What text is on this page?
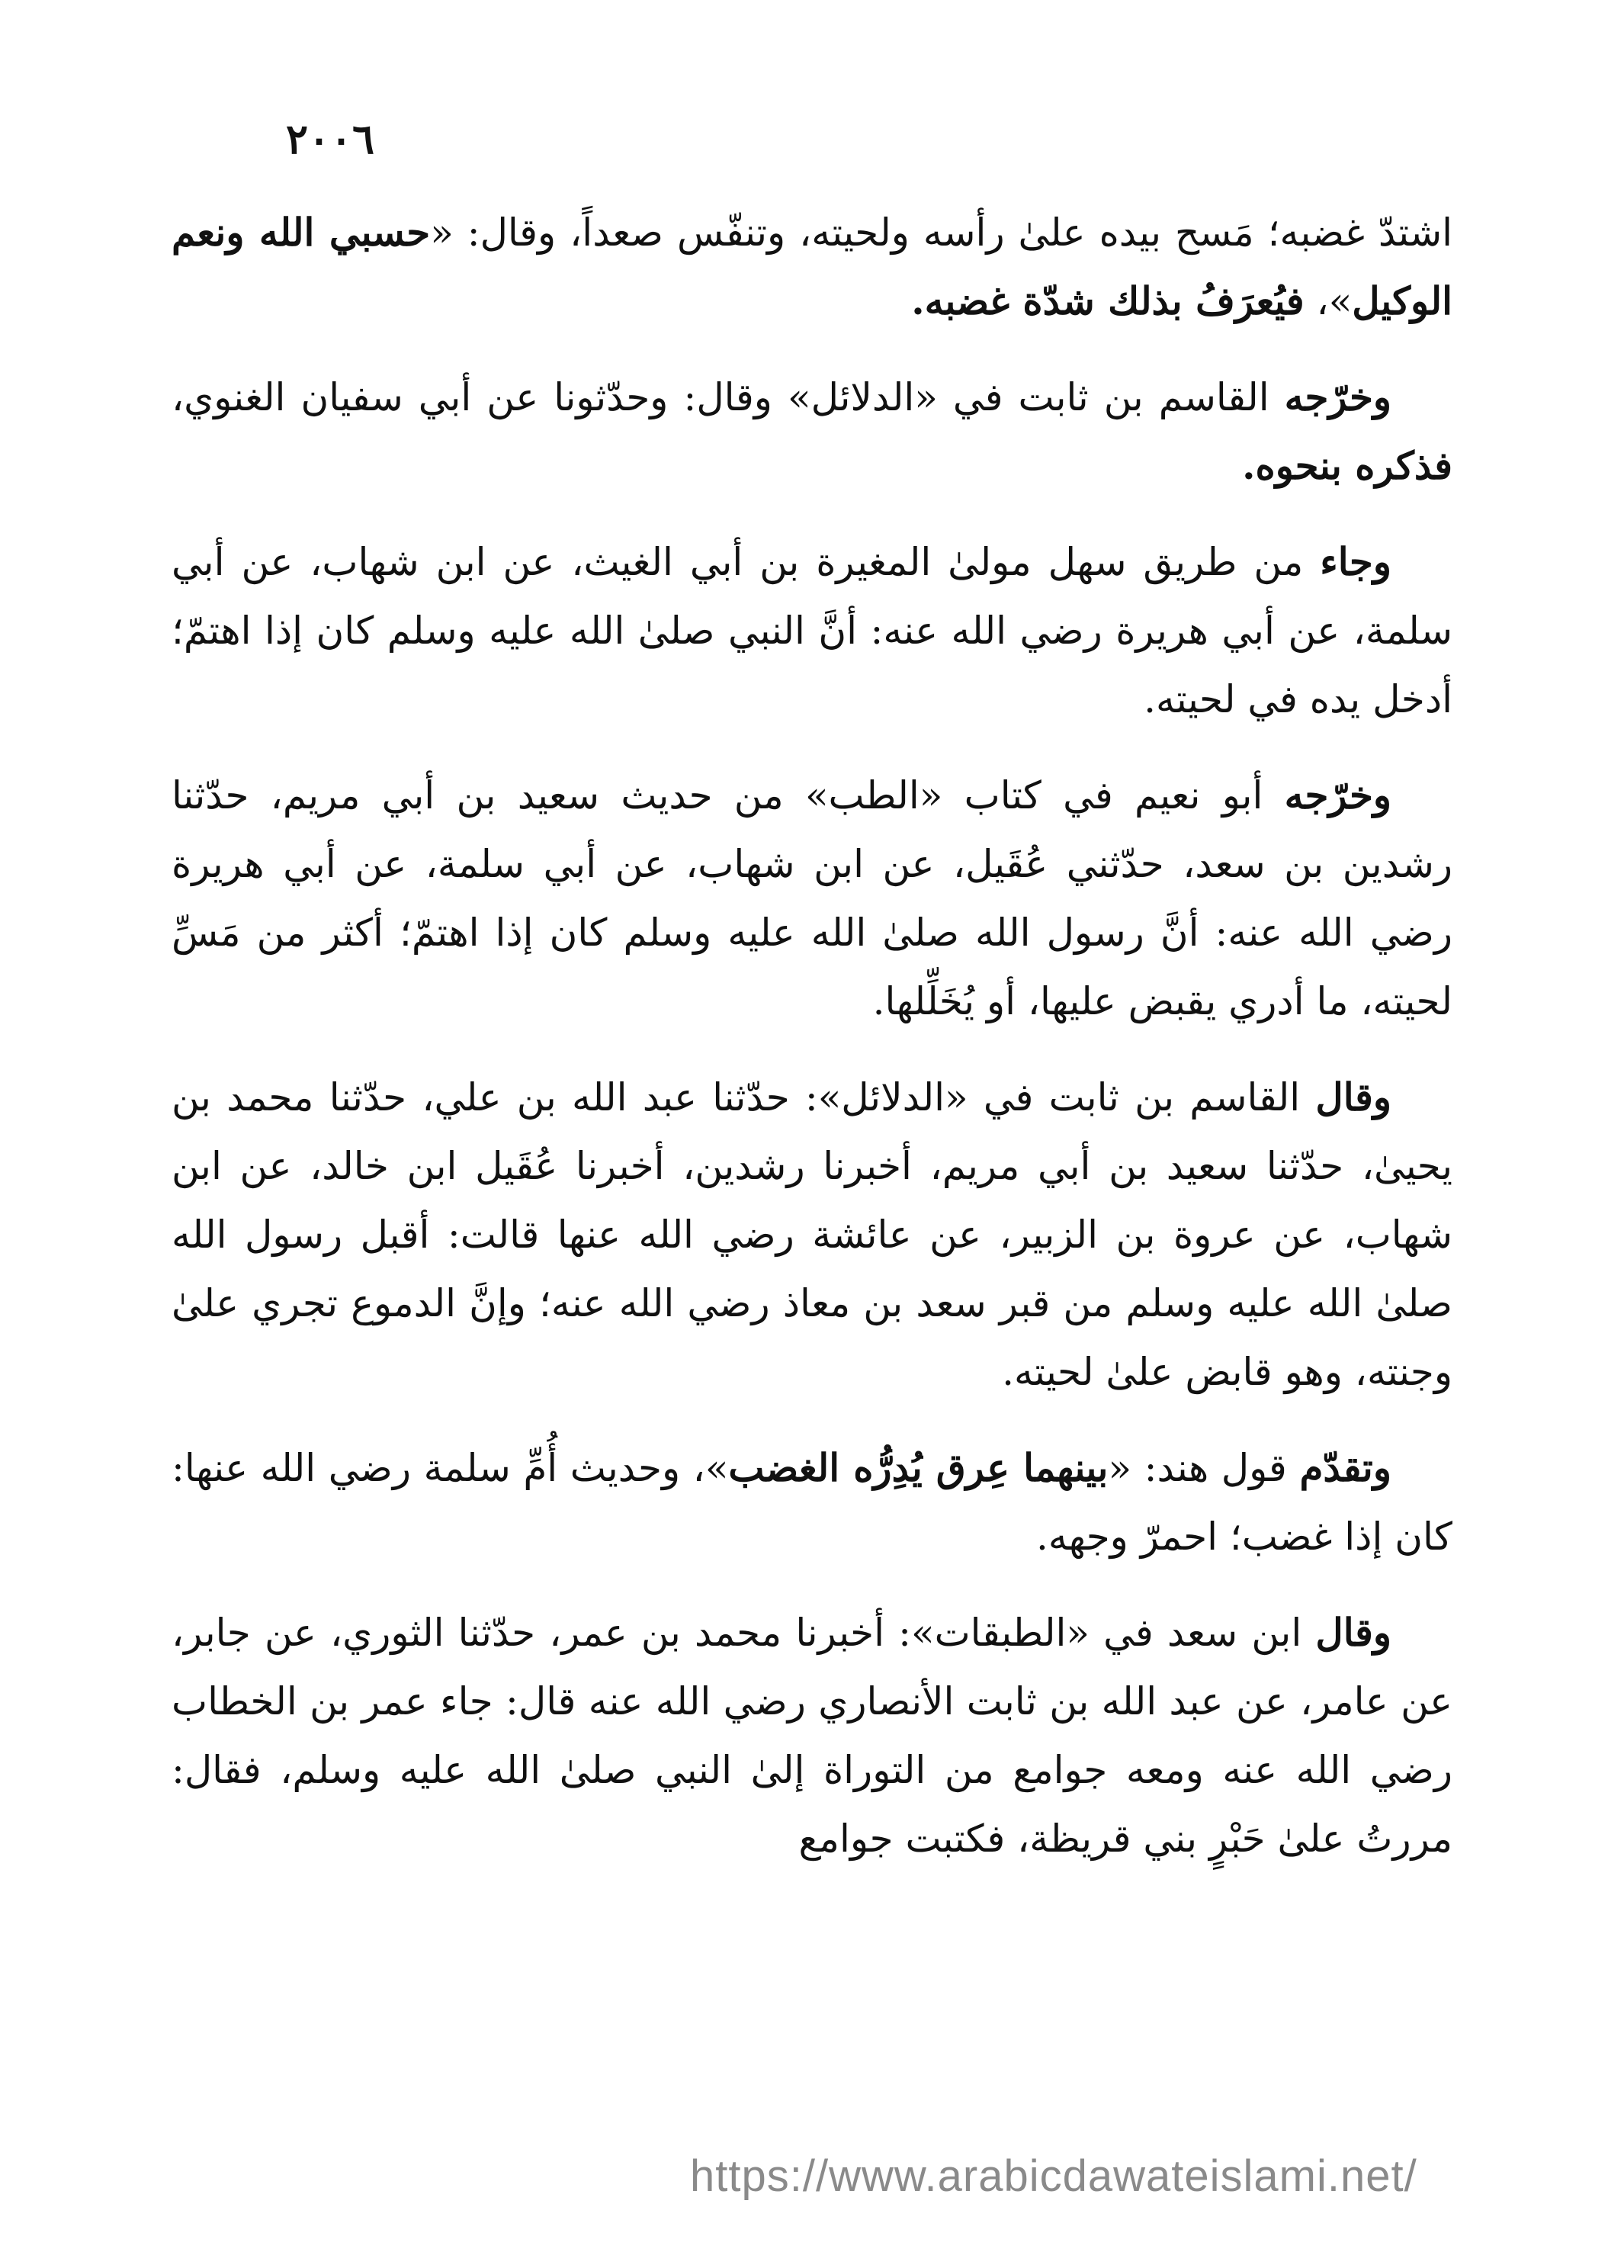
٢٠٠٦

اشتدّ غضبه؛ مَسح بيده علىٰ رأسه ولحيته، وتنفّس صعداً، وقال: «حسبي الله ونعم الوكيل»، فيُعرَفُ بذلك شدّة غضبه.

وخرّجه القاسم بن ثابت في «الدلائل» وقال: وحدّثونا عن أبي سفيان الغنوي، فذكره بنحوه.

وجاء من طريق سهل مولىٰ المغيرة بن أبي الغيث، عن ابن شهاب، عن أبي سلمة، عن أبي هريرة رضي الله عنه: أنَّ النبي صلىٰ الله عليه وسلم كان إذا اهتمّ؛ أدخل يده في لحيته.

وخرّجه أبو نعيم في كتاب «الطب» من حديث سعيد بن أبي مريم، حدّثنا رشدين بن سعد، حدّثني عُقَيل، عن ابن شهاب، عن أبي سلمة، عن أبي هريرة رضي الله عنه: أنَّ رسول الله صلىٰ الله عليه وسلم كان إذا اهتمّ؛ أكثر من مَسِّ لحيته، ما أدري يقبض عليها، أو يُخَلِّلها.

وقال القاسم بن ثابت في «الدلائل»: حدّثنا عبد الله بن علي، حدّثنا محمد بن يحيىٰ، حدّثنا سعيد بن أبي مريم، أخبرنا رشدين، أخبرنا عُقَيل ابن خالد، عن ابن شهاب، عن عروة بن الزبير، عن عائشة رضي الله عنها قالت: أقبل رسول الله صلىٰ الله عليه وسلم من قبر سعد بن معاذ رضي الله عنه؛ وإنَّ الدموع تجري علىٰ وجنته، وهو قابض علىٰ لحيته.

وتقدّم قول هند: «بينهما عِرق يُدِرُّه الغضب»، وحديث أُمِّ سلمة رضي الله عنها: كان إذا غضب؛ احمرّ وجهه.

وقال ابن سعد في «الطبقات»: أخبرنا محمد بن عمر، حدّثنا الثوري، عن جابر، عن عامر، عن عبد الله بن ثابت الأنصاري رضي الله عنه قال: جاء عمر بن الخطاب رضي الله عنه ومعه جوامع من التوراة إلىٰ النبي صلىٰ الله عليه وسلم، فقال: مررتُ علىٰ حَبْرٍ بني قريظة، فكتبت جوامع

https://www.arabicdawateislami.net/
